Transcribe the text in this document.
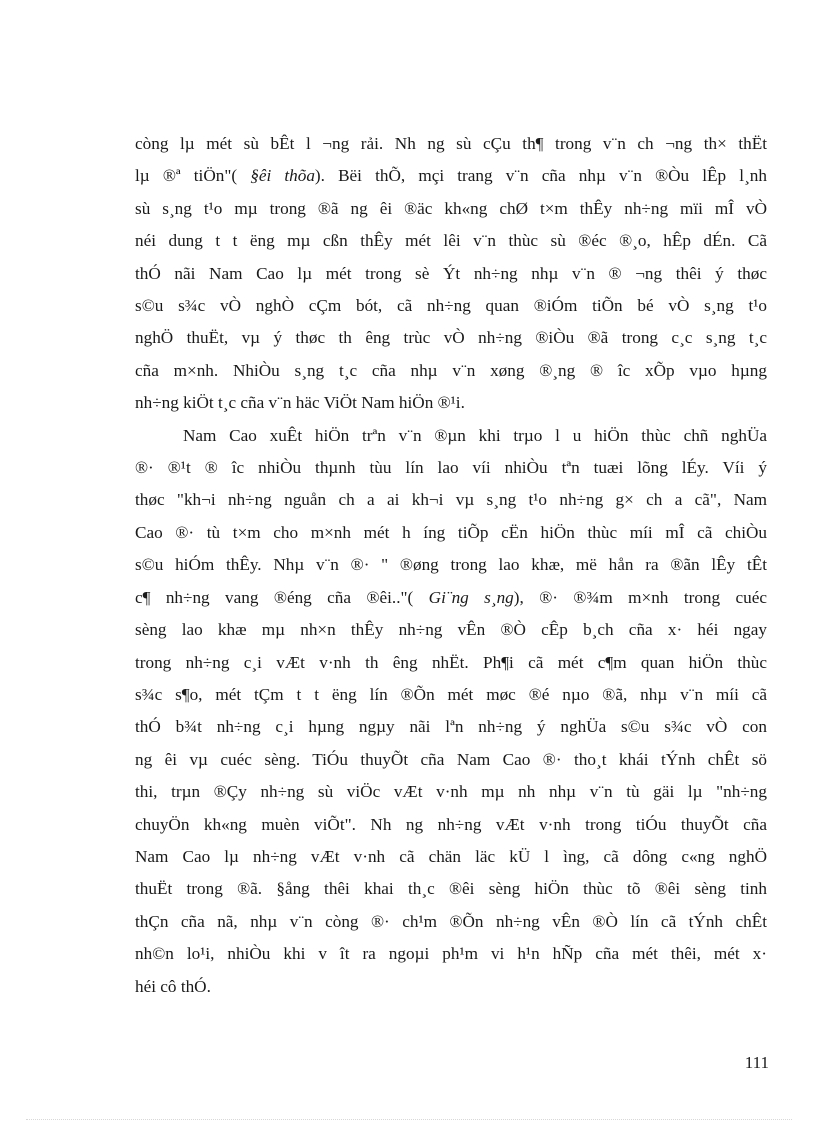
còng lµ mét sù bÊt l ¬ng rải. Nh ng sù cÇu th¶ trong v¨n ch ¬ng th× thËt
lµ ®ª tiÖn"( §êi thõa). Bëi thÕ, mçi trang v¨n cña nhµ v¨n ®Òu lÊp l¸nh
sù s¸ng t¹o mµ trong ®ã ng êi ®äc kh«ng chØ t×m thÊy nh÷ng mïi mÎ vÒ
néi dung t t ëng mµ cßn thÊy mét lêi v¨n thùc sù ®éc ®¸o, hÊp dÉn. Cã
thÓ nãi Nam Cao lµ mét trong sè Ýt nh÷ng nhµ v¨n ® ¬ng thêi ý thøc
s©u s¾c vÒ nghÒ cÇm bót, cã nh÷ng quan ®iÓm tiÕn bé vÒ s¸ng t¹o
nghÖ thuËt, vµ ý thøc th êng trùc vÒ nh÷ng ®iÒu ®ã trong c¸c s¸ng t¸c
cña m×nh. NhiÒu s¸ng t¸c cña nhµ v¨n xøng ®¸ng ® îc xÕp vµo hµng
nh÷ng kiÖt t¸c cña v¨n häc ViÖt Nam hiÖn ®¹i.
Nam Cao xuÊt hiÖn trªn v¨n ®µn khi trµo l u hiÖn thùc chñ nghÜa
®· ®¹t ® îc nhiÒu thµnh tùu lín lao víi nhiÒu tªn tuæi lõng lÉy. Víi ý
thøc "kh¬i nh÷ng nguån ch a ai kh¬i vµ s¸ng t¹o nh÷ng g× ch a cã", Nam
Cao ®· tù t×m cho m×nh mét h íng tiÕp cËn hiÖn thùc míi mÎ cã chiÒu
s©u hiÓm thÊy. Nhµ v¨n ®· " ®øng trong lao khæ, më hån ra ®ãn lÊy tÊt
c¶ nh÷ng vang ®éng cña ®êi.."( Gi¨ng s¸ng), ®· ®¾m m×nh trong cuéc
sèng lao khæ mµ nh×n thÊy nh÷ng vÊn ®Ò cÊp b¸ch cña x· héi ngay
trong nh÷ng c¸i vÆt v·nh th êng nhËt. Ph¶i cã mét c¶m quan hiÖn thùc
s¾c s¶o, mét tÇm t t ëng lín ®Õn mét møc ®é nµo ®ã, nhµ v¨n míi cã
thÓ b¾t nh÷ng c¸i hµng ngµy nãi lªn nh÷ng ý nghÜa s©u s¾c vÒ con
ng êi vµ cuéc sèng. TiÓu thuyÕt cña Nam Cao ®· tho¸t khái tÝnh chÊt sö
thi, trµn ®Çy nh÷ng sù viÖc vÆt v·nh mµ nh nhµ v¨n tù gäi lµ "nh÷ng
chuyÖn kh«ng muèn viÕt". Nh ng nh÷ng vÆt v·nh trong tiÓu thuyÕt cña
Nam Cao lµ nh÷ng vÆt v·nh cã chän läc kÜ l ìng, cã dông c«ng nghÖ
thuËt trong ®ã. §ång thêi khai th¸c ®êi sèng hiÖn thùc tõ ®êi sèng tinh
thÇn cña nã, nhµ v¨n còng ®· ch¹m ®Õn nh÷ng vÊn ®Ò lín cã tÝnh chÊt
nh©n lo¹i, nhiÒu khi v ît ra ngoµi ph¹m vi h¹n hÑp cña mét thêi, mét x·
héi cô thÓ.
111
